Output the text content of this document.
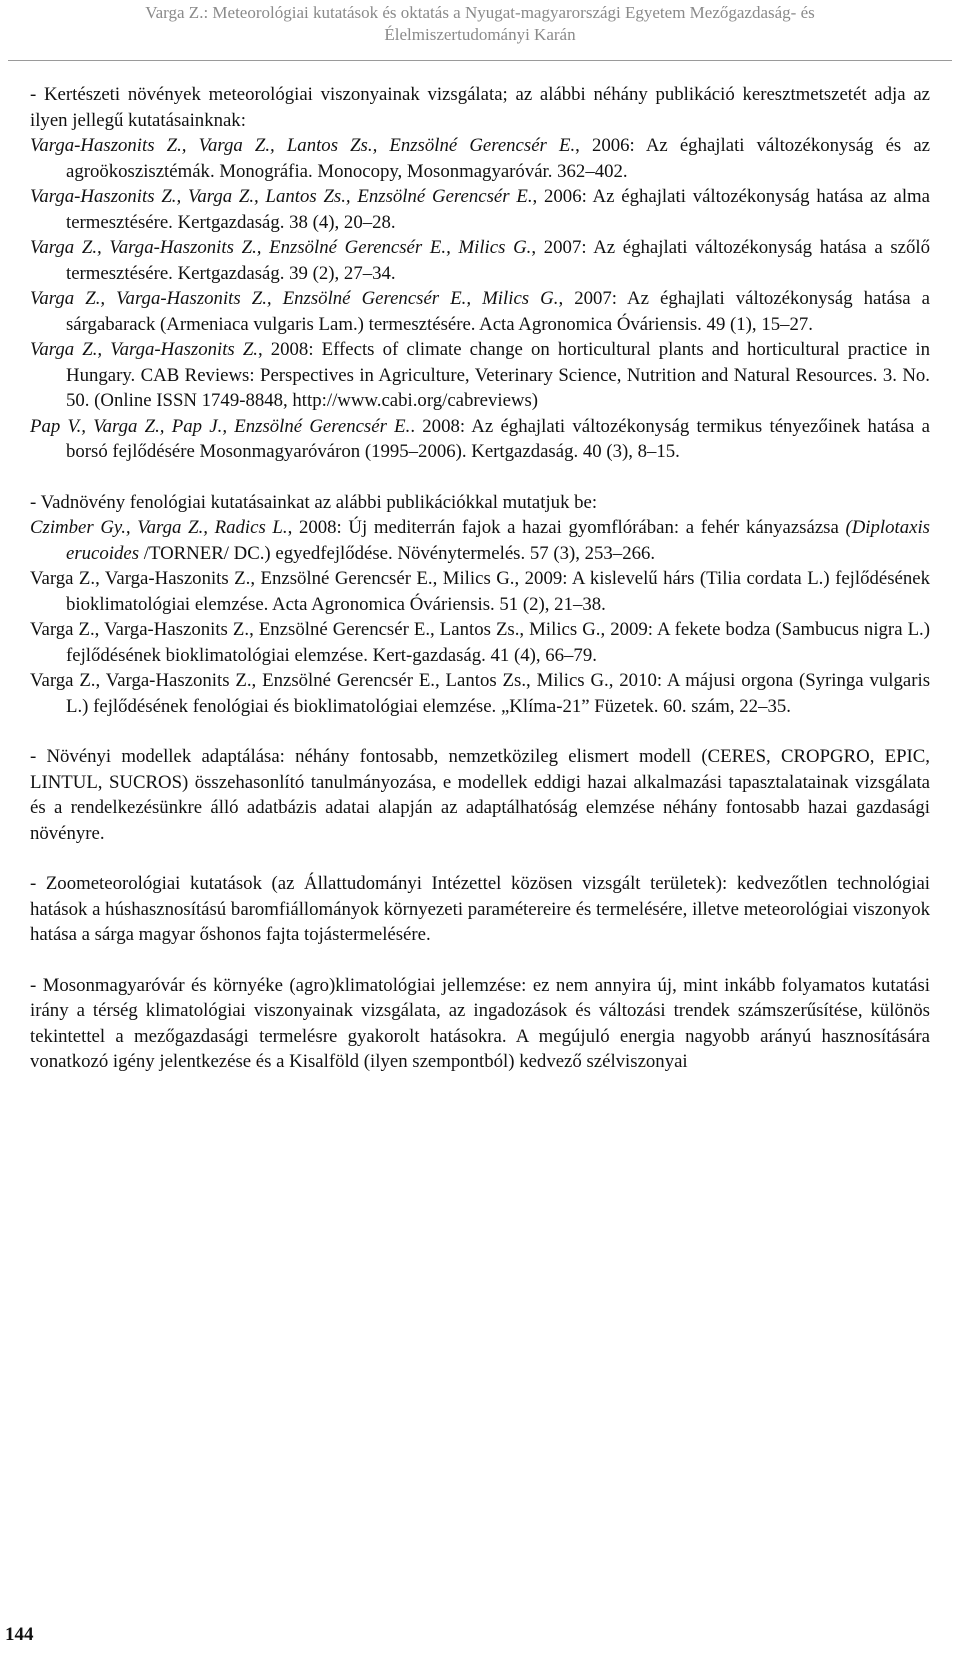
Varga Z.: Meteorológiai kutatások és oktatás a Nyugat-magyarországi Egyetem Mezőgazdaság- és
Élelmiszertudományi Karán

- Kertészeti növények meteorológiai viszonyainak vizsgálata; az alábbi néhány publikáció keresztmetszetét adja az ilyen jellegű kutatásainknak:

Varga-Haszonits Z., Varga Z., Lantos Zs., Enzsölné Gerencsér E., 2006: Az éghajlati változékonyság és az agroökoszisztémák. Monográfia. Monocopy, Mosonmagyaróvár. 362–402.

Varga-Haszonits Z., Varga Z., Lantos Zs., Enzsölné Gerencsér E., 2006: Az éghajlati változékonyság hatása az alma termesztésére. Kertgazdaság. 38 (4), 20–28.

Varga Z., Varga-Haszonits Z., Enzsölné Gerencsér E., Milics G., 2007: Az éghajlati változékonyság hatása a szőlő termesztésére. Kertgazdaság. 39 (2), 27–34.

Varga Z., Varga-Haszonits Z., Enzsölné Gerencsér E., Milics G., 2007: Az éghajlati változékonyság hatása a sárgabarack (Armeniaca vulgaris Lam.) termesztésére. Acta Agronomica Óváriensis. 49 (1), 15–27.

Varga Z., Varga-Haszonits Z., 2008: Effects of climate change on horticultural plants and horticultural practice in Hungary. CAB Reviews: Perspectives in Agriculture, Veterinary Science, Nutrition and Natural Resources. 3. No. 50. (Online ISSN 1749-8848, http://www.cabi.org/cabreviews)

Pap V., Varga Z., Pap J., Enzsölné Gerencsér E.. 2008: Az éghajlati változékonyság termikus tényezőinek hatása a borsó fejlődésére Mosonmagyaróváron (1995–2006). Kertgazdaság. 40 (3), 8–15.

- Vadnövény fenológiai kutatásainkat az alábbi publikációkkal mutatjuk be:

Czimber Gy., Varga Z., Radics L., 2008: Új mediterrán fajok a hazai gyomflórában: a fehér kányazsázsa (Diplotaxis erucoides /TORNER/ DC.) egyedfejlődése. Növénytermelés. 57 (3), 253–266.

Varga Z., Varga-Haszonits Z., Enzsölné Gerencsér E., Milics G., 2009: A kislevelű hárs (Tilia cordata L.) fejlődésének bioklimatológiai elemzése. Acta Agronomica Óváriensis. 51 (2), 21–38.

Varga Z., Varga-Haszonits Z., Enzsölné Gerencsér E., Lantos Zs., Milics G., 2009: A fekete bodza (Sambucus nigra L.) fejlődésének bioklimatológiai elemzése. Kert-gazdaság. 41 (4), 66–79.

Varga Z., Varga-Haszonits Z., Enzsölné Gerencsér E., Lantos Zs., Milics G., 2010: A májusi orgona (Syringa vulgaris L.) fejlődésének fenológiai és bioklimatológiai elemzése. „Klíma-21” Füzetek. 60. szám, 22–35.

- Növényi modellek adaptálása: néhány fontosabb, nemzetközileg elismert modell (CERES, CROPGRO, EPIC, LINTUL, SUCROS) összehasonlító tanulmányozása, e modellek eddigi hazai alkalmazási tapasztalatainak vizsgálata és a rendelkezésünkre álló adatbázis adatai alapján az adaptálhatóság elemzése néhány fontosabb hazai gazdasági növényre.

- Zoometeorológiai kutatások (az Állattudományi Intézettel közösen vizsgált területek): kedvezőtlen technológiai hatások a húshasznosítású baromfiállományok környezeti paramétereire és termelésére, illetve meteorológiai viszonyok hatása a sárga magyar őshonos fajta tojástermelésére.

- Mosonmagyaróvár és környéke (agro)klimatológiai jellemzése: ez nem annyira új, mint inkább folyamatos kutatási irány a térség klimatológiai viszonyainak vizsgálata, az ingadozások és változási trendek számszerűsítése, különös tekintettel a mezőgazdasági termelésre gyakorolt hatásokra. A megújuló energia nagyobb arányú hasznosítására vonatkozó igény jelentkezése és a Kisalföld (ilyen szempontból) kedvező szélviszonyai

144
